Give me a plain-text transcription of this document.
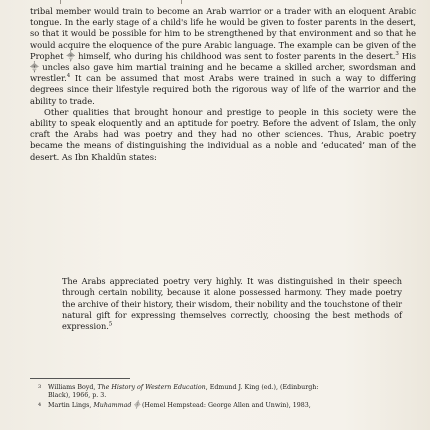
tribal member would train to become an Arab warrior or a trader with an eloquent Arabic tongue. In the early stage of a child's life he would be given to foster parents in the desert, so that it would be possible for him to be strengthened by that environment and so that he would acquire the eloquence of the pure Arabic language. The example can be given of the Prophet ⸎ himself, who during his childhood was sent to foster parents in the desert.$^3$ His ⸎ uncles also gave him martial training and he became a skilled archer, swordsman and wrestler.$^4$ It can be assumed that most Arabs were trained in such a way to differing degrees since their lifestyle required both the rigorous way of life of the warrior and the ability to trade.

Other qualities that brought honour and prestige to people in this society were the ability to speak eloquently and an aptitude for poetry. Before the advent of Islam, the only craft the Arabs had was poetry and they had no other sciences. Thus, Arabic poetry became the means of distinguishing the individual as a noble and ‘educated’ man of the desert. As Ibn Khaldūn states:

The Arabs appreciated poetry very highly. It was distinguished in their speech through certain nobility, because it alone possessed harmony. They made poetry the archive of their history, their wisdom, their nobility and the touchstone of their natural gift for expressing themselves correctly, choosing the best methods of expression.$^5$

3 Williams Boyd, The History of Western Education, Edmund J. King (ed.), (Edinburgh:
Black), 1966, p. 3.
4 Martin Lings, Muhammad ⸎ (Hemel Hempstead: George Allen and Unwin), 1983,
